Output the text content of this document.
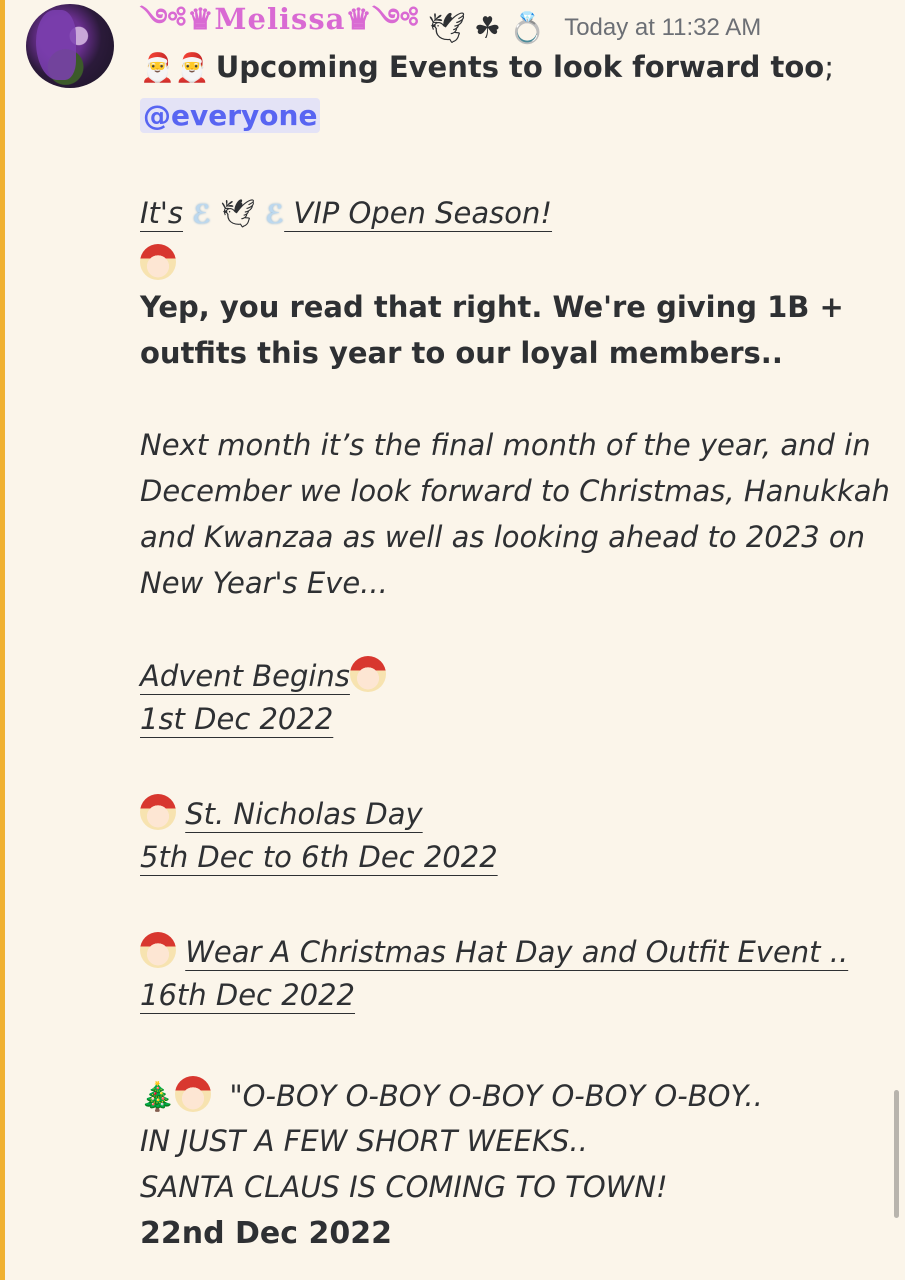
༺♛Melissa♛༺ 🕊 ☘ 💍 Today at 11:32 AM
🎅🎅 Upcoming Events to look forward too;
@everyone
It's ℰ 🕊 ℰ VIP Open Season!
Yep, you read that right. We're giving 1B +
outfits this year to our loyal members..
Next month it’s the final month of the year, and in
December we look forward to Christmas, Hanukkah
and Kwanzaa as well as looking ahead to 2023 on
New Year's Eve...
Advent Begins
1st Dec 2022
St. Nicholas Day
5th Dec to 6th Dec 2022
Wear A Christmas Hat Day and Outfit Event ..
16th Dec 2022
🎄 "O-BOY O-BOY O-BOY O-BOY O-BOY..
IN JUST A FEW SHORT WEEKS..
SANTA CLAUS IS COMING TO TOWN!
22nd Dec 2022
